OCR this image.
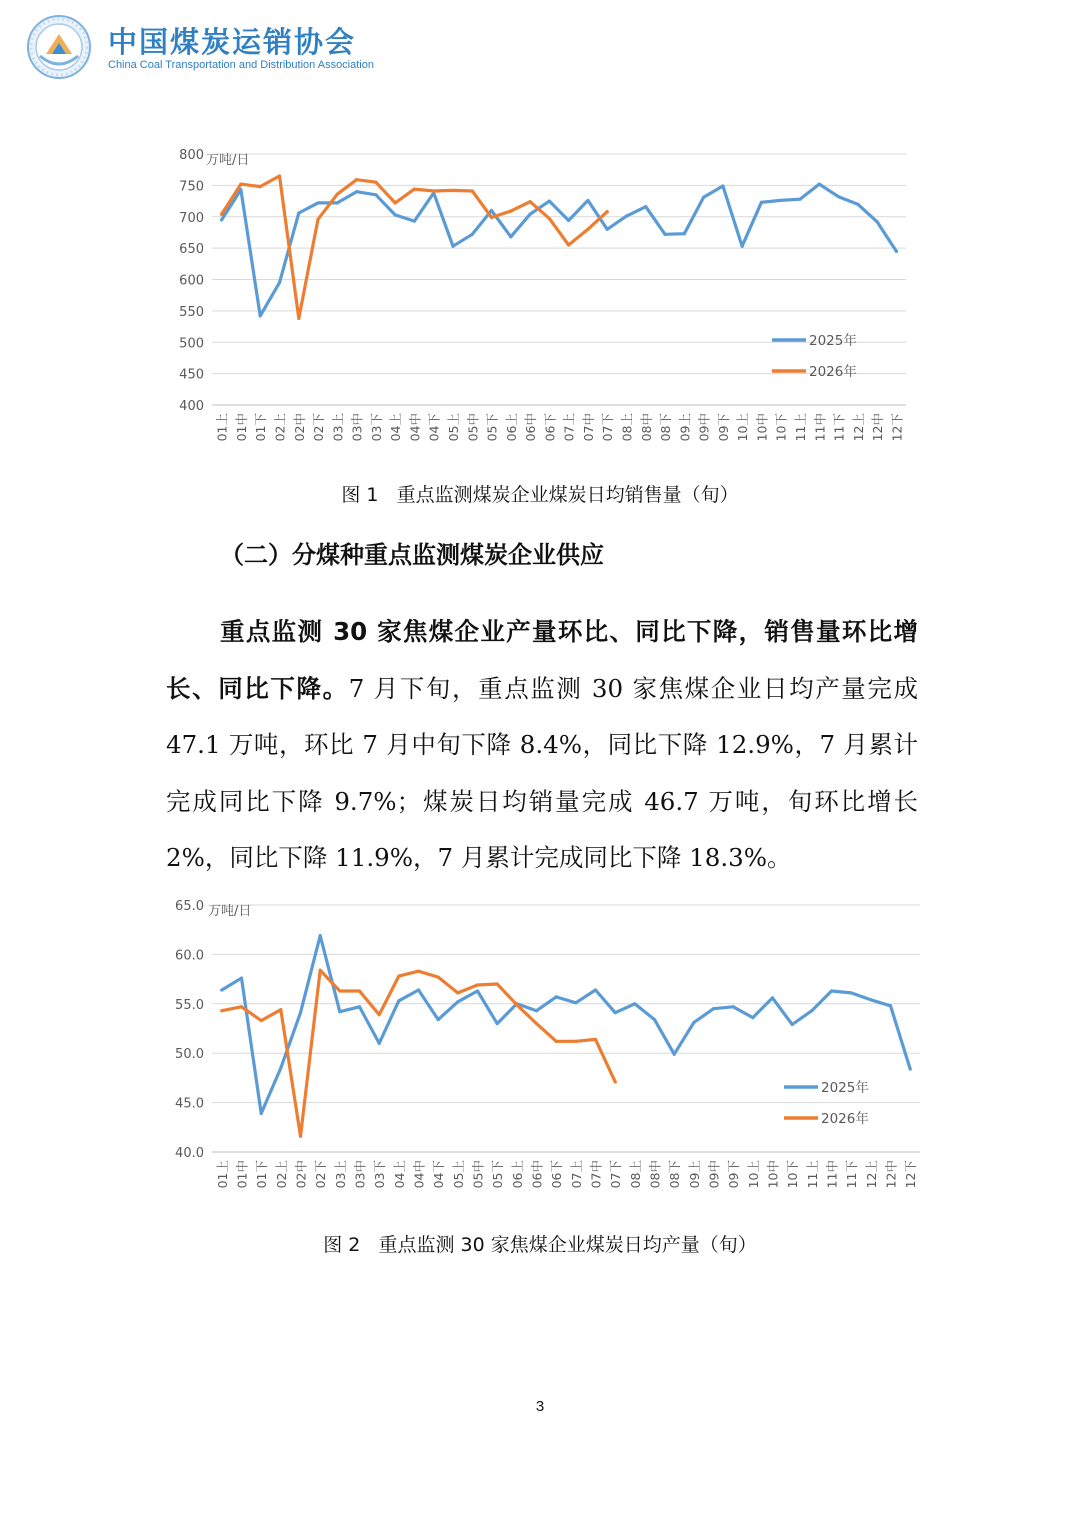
中国煤炭运销协会
China Coal Transportation and Distribution Association
800
750
700
650
600
550
500
450
400
万吨/日
01上 01中 01下 02上 02中 02下 03上 03中 03下 04上 04中 04下 05上 05中 05下 06上 06中 06下 07上 07中 07下 08上 08中 08下 09上 09中 09下 10上 10中 10下 11上 11中 11下 12上 12中 12下
2025年
2026年
图 1   重点监测煤炭企业煤炭日均销售量（旬）
（二）分煤种重点监测煤炭企业供应
重点监测 30 家焦煤企业产量环比、同比下降，销售量环比增长、同比下降。7 月下旬，重点监测 30 家焦煤企业日均产量完成 47.1 万吨，环比 7 月中旬下降 8.4%，同比下降 12.9%，7 月累计完成同比下降 9.7%；煤炭日均销量完成 46.7 万吨，旬环比增长 2%，同比下降 11.9%，7 月累计完成同比下降 18.3%。
65.0
60.0
55.0
50.0
45.0
40.0
万吨/日
01上 01中 01下 02上 02中 02下 03上 03中 03下 04上 04中 04下 05上 05中 05下 06上 06中 06下 07上 07中 07下 08上 08中 08下 09上 09中 09下 10上 10中 10下 11上 11中 11下 12上 12中 12下
2025年
2026年
图 2   重点监测 30 家焦煤企业煤炭日均产量（旬）
3
